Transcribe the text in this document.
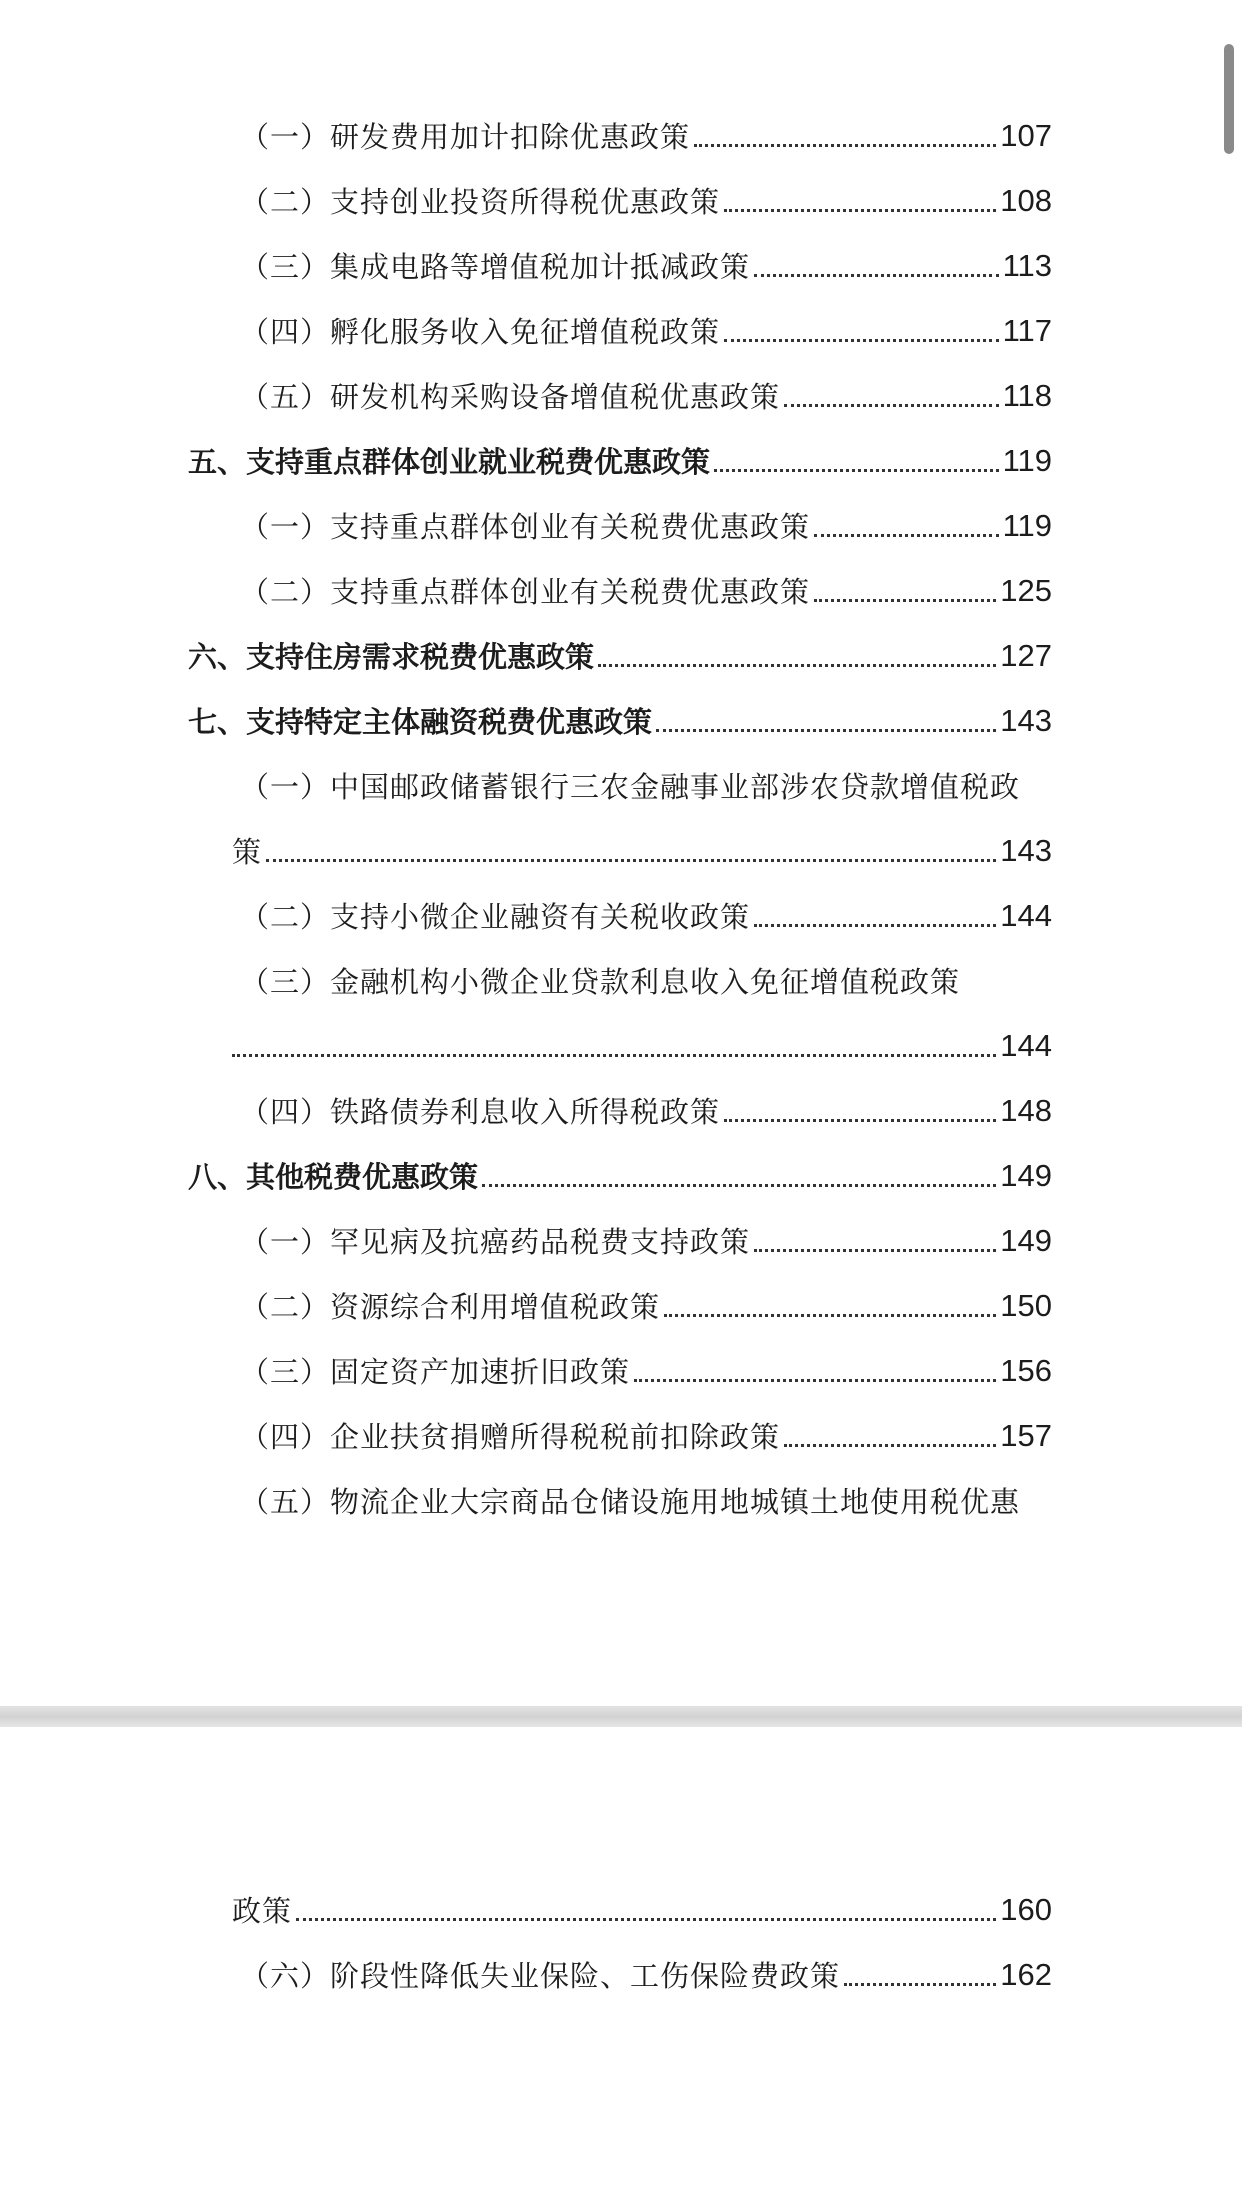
（一）研发费用加计扣除优惠政策	107
（二）支持创业投资所得税优惠政策	108
（三）集成电路等增值税加计抵减政策	113
（四）孵化服务收入免征增值税政策	117
（五）研发机构采购设备增值税优惠政策	118
五、支持重点群体创业就业税费优惠政策	119
（一）支持重点群体创业有关税费优惠政策	119
（二）支持重点群体创业有关税费优惠政策	125
六、支持住房需求税费优惠政策	127
七、支持特定主体融资税费优惠政策	143
（一）中国邮政储蓄银行三农金融事业部涉农贷款增值税政
策	143
（二）支持小微企业融资有关税收政策	144
（三）金融机构小微企业贷款利息收入免征增值税政策
144
（四）铁路债券利息收入所得税政策	148
八、其他税费优惠政策	149
（一）罕见病及抗癌药品税费支持政策	149
（二）资源综合利用增值税政策	150
（三）固定资产加速折旧政策	156
（四）企业扶贫捐赠所得税税前扣除政策	157
（五）物流企业大宗商品仓储设施用地城镇土地使用税优惠
政策	160
（六）阶段性降低失业保险、工伤保险费政策	162
